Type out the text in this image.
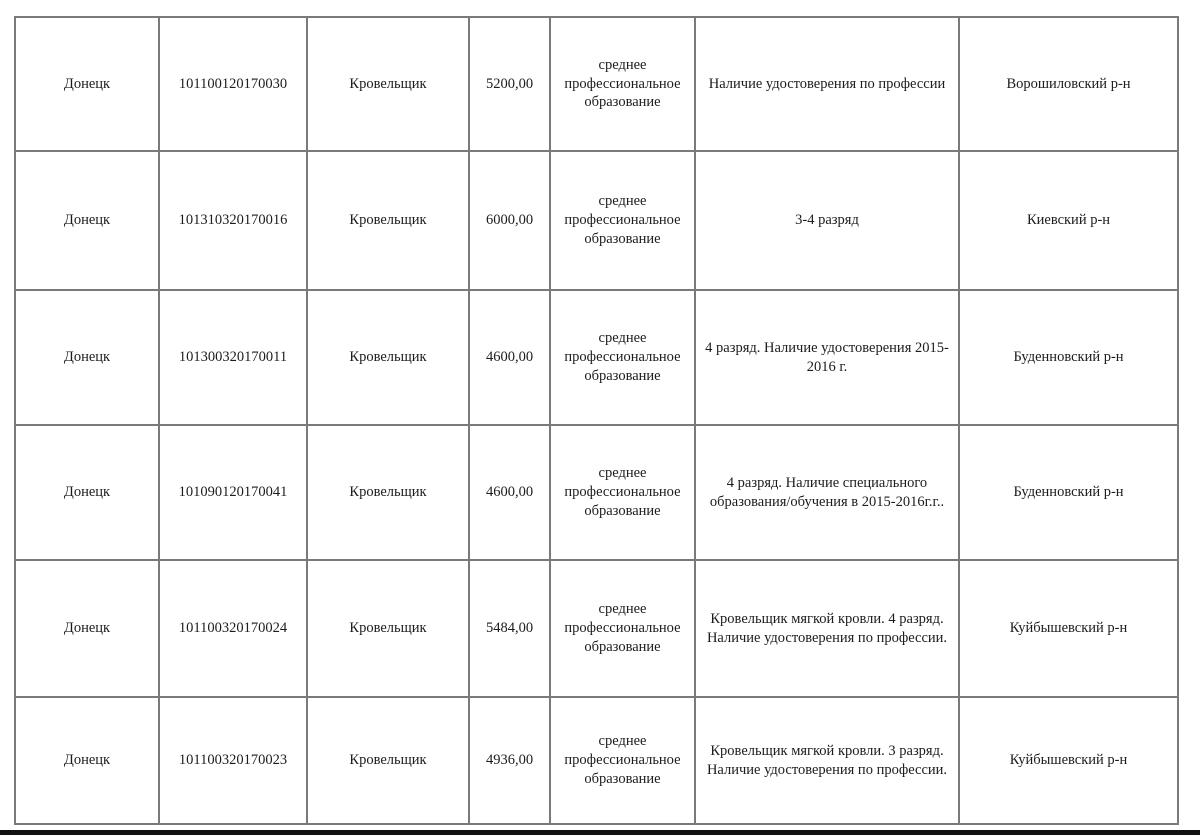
Донецк	101100120170030	Кровельщик	5200,00	среднее профессиональное образование	Наличие удостоверения по профессии	Ворошиловский р-н
Донецк	101310320170016	Кровельщик	6000,00	среднее профессиональное образование	3-4 разряд	Киевский р-н
Донецк	101300320170011	Кровельщик	4600,00	среднее профессиональное образование	4 разряд. Наличие удостоверения 2015-2016 г.	Буденновский р-н
Донецк	101090120170041	Кровельщик	4600,00	среднее профессиональное образование	4 разряд. Наличие специального образования/обучения в 2015-2016г.г..	Буденновский р-н
Донецк	101100320170024	Кровельщик	5484,00	среднее профессиональное образование	Кровельщик мягкой кровли. 4 разряд. Наличие удостоверения по профессии.	Куйбышевский р-н
Донецк	101100320170023	Кровельщик	4936,00	среднее профессиональное образование	Кровельщик мягкой кровли. 3 разряд. Наличие удостоверения по профессии.	Куйбышевский р-н
